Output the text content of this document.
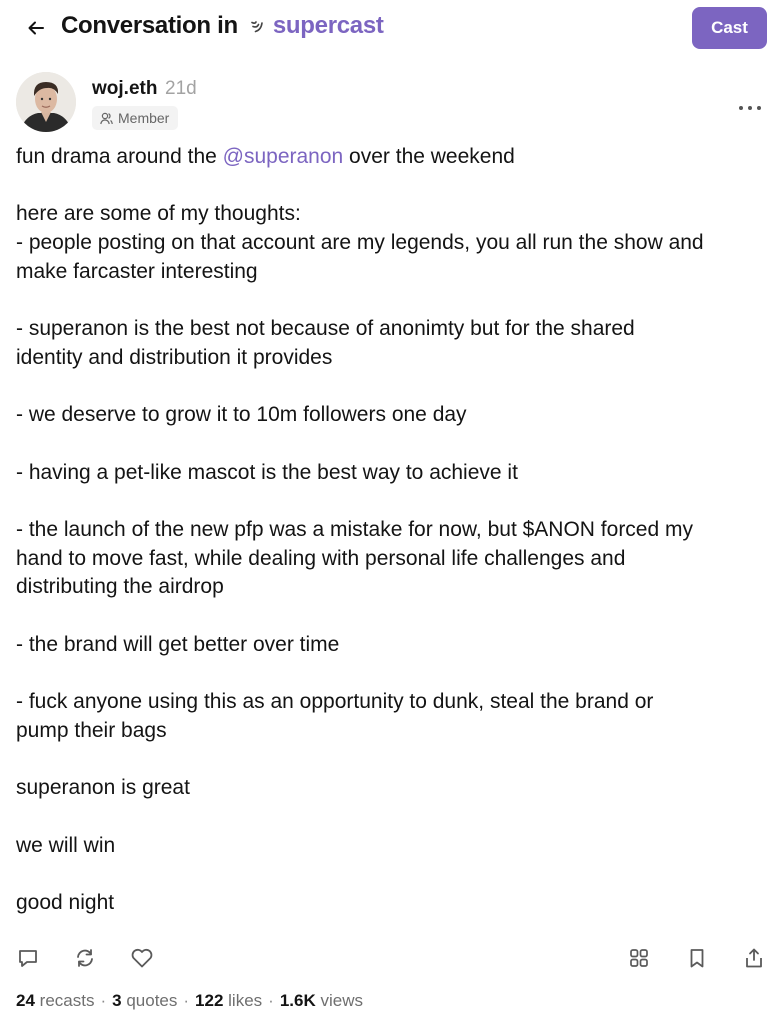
Conversation in supercast	Cast
woj.eth 21d
Member

fun drama around the @superanon over the weekend

here are some of my thoughts:

- people posting on that account are my legends, you all run the show and

make farcaster interesting

- superanon is the best not because of anonimty but for the shared

identity and distribution it provides

- we deserve to grow it to 10m followers one day

- having a pet-like mascot is the best way to achieve it

- the launch of the new pfp was a mistake for now, but $ANON forced my

hand to move fast, while dealing with personal life challenges and

distributing the airdrop

- the brand will get better over time

- fuck anyone using this as an opportunity to dunk, steal the brand or

pump their bags

superanon is great

we will win

good night

24 recasts · 3 quotes · 122 likes · 1.6K views
